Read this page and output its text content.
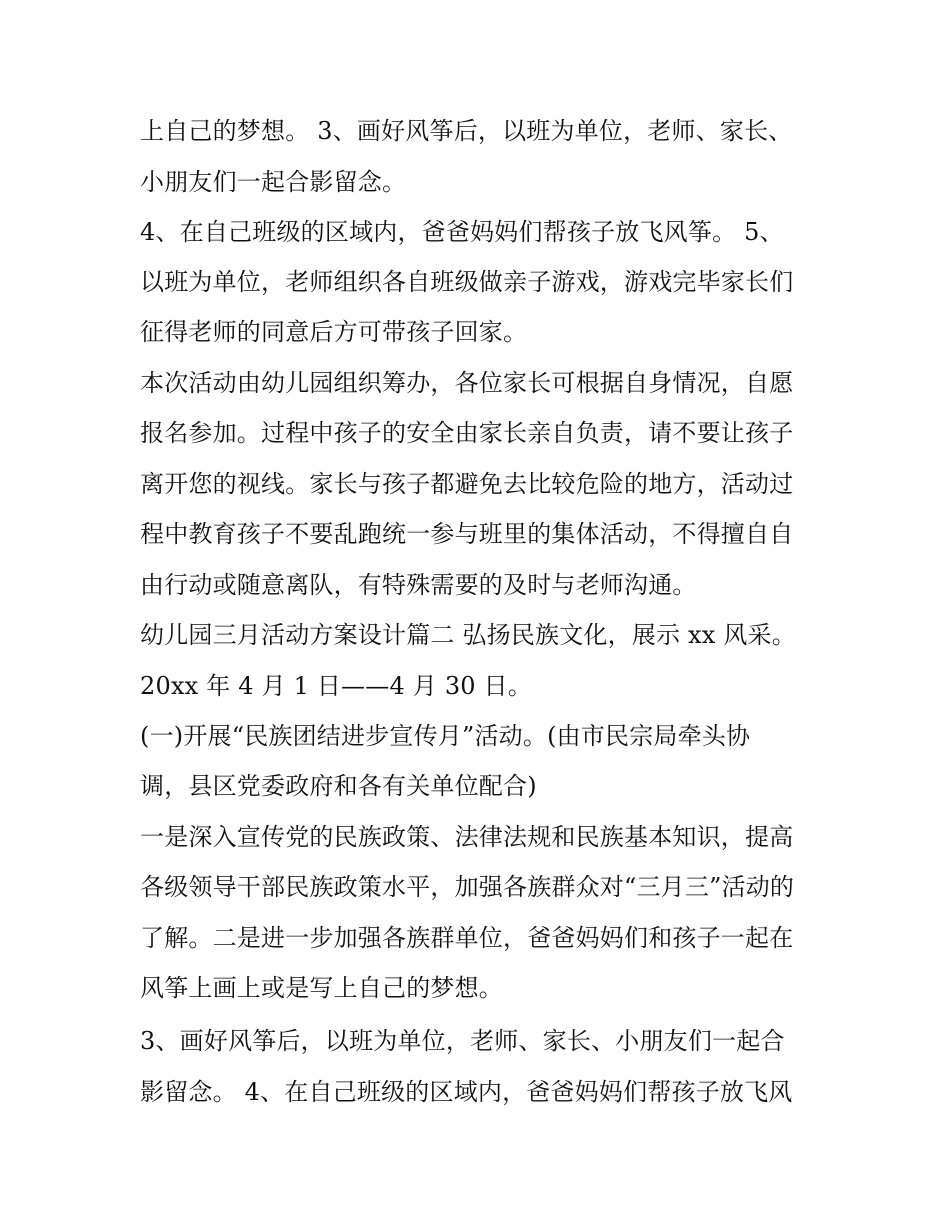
上自己的梦想。 3、画好风筝后，以班为单位，老师、家长、
小朋友们一起合影留念。
4、在自己班级的区域内，爸爸妈妈们帮孩子放飞风筝。 5、
以班为单位，老师组织各自班级做亲子游戏，游戏完毕家长们
征得老师的同意后方可带孩子回家。
本次活动由幼儿园组织筹办，各位家长可根据自身情况，自愿
报名参加。过程中孩子的安全由家长亲自负责，请不要让孩子
离开您的视线。家长与孩子都避免去比较危险的地方，活动过
程中教育孩子不要乱跑统一参与班里的集体活动，不得擅自自
由行动或随意离队，有特殊需要的及时与老师沟通。
幼儿园三月活动方案设计篇二 弘扬民族文化，展示 xx 风采。
20xx 年 4 月 1 日——4 月 30 日。
(一)开展“民族团结进步宣传月”活动。(由市民宗局牵头协
调，县区党委政府和各有关单位配合)
一是深入宣传党的民族政策、法律法规和民族基本知识，提高
各级领导干部民族政策水平，加强各族群众对“三月三”活动的
了解。二是进一步加强各族群单位，爸爸妈妈们和孩子一起在
风筝上画上或是写上自己的梦想。
3、画好风筝后，以班为单位，老师、家长、小朋友们一起合
影留念。 4、在自己班级的区域内，爸爸妈妈们帮孩子放飞风
